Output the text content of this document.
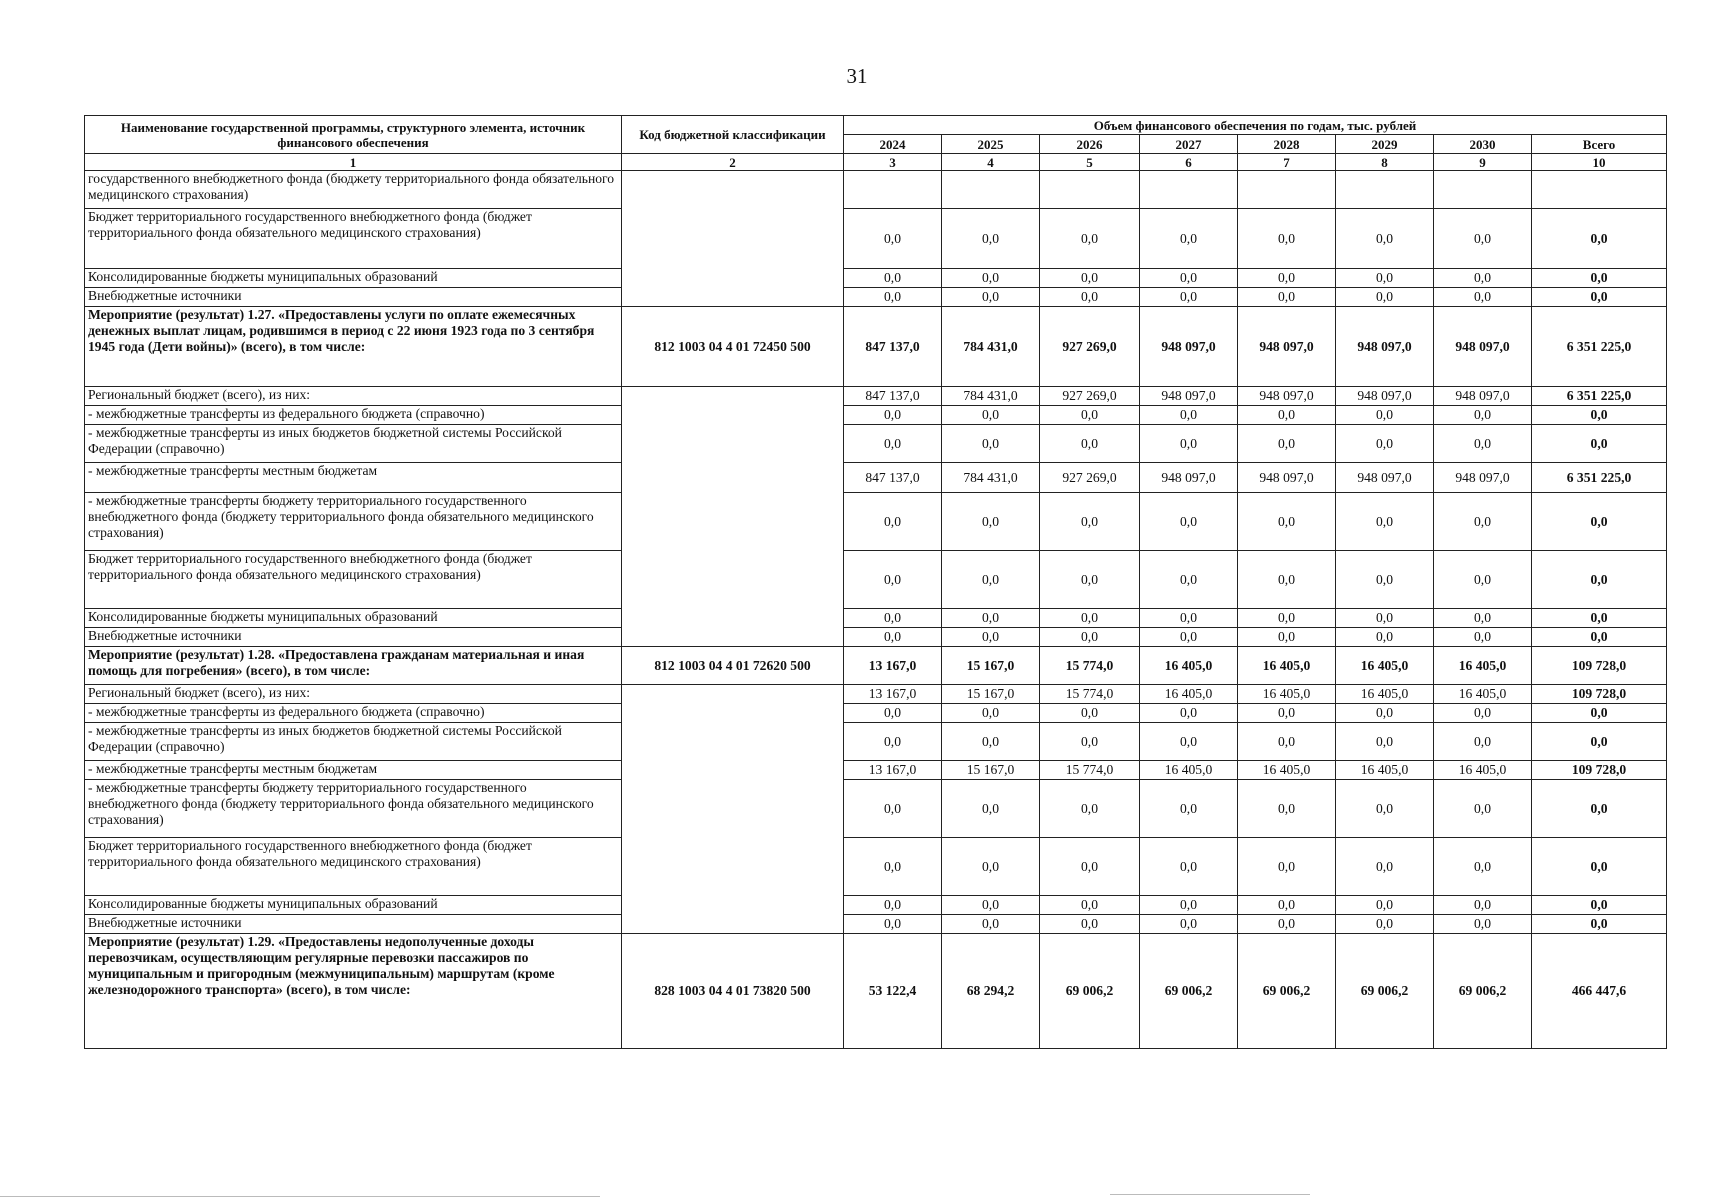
31
Наименование государственной программы, структурного элемента, источник финансового обеспечения	Код бюджетной классификации	Объем финансового обеспечения по годам, тыс. рублей							
		2024	2025	2026	2027	2028	2029	2030	Всего
1	2	3	4	5	6	7	8	9	10
государственного внебюджетного фонда (бюджету территориального фонда обязательного медицинского страхования)									
Бюджет территориального государственного внебюджетного фонда (бюджет территориального фонда обязательного медицинского страхования)		0,0	0,0	0,0	0,0	0,0	0,0	0,0	0,0
Консолидированные бюджеты муниципальных образований		0,0	0,0	0,0	0,0	0,0	0,0	0,0	0,0
Внебюджетные источники		0,0	0,0	0,0	0,0	0,0	0,0	0,0	0,0
Мероприятие (результат) 1.27. «Предоставлены услуги по оплате ежемесячных денежных выплат лицам, родившимся в период с 22 июня 1923 года по 3 сентября 1945 года (Дети войны)» (всего), в том числе:	812 1003 04 4 01 72450 500	847 137,0	784 431,0	927 269,0	948 097,0	948 097,0	948 097,0	948 097,0	6 351 225,0
Региональный бюджет (всего), из них:		847 137,0	784 431,0	927 269,0	948 097,0	948 097,0	948 097,0	948 097,0	6 351 225,0
- межбюджетные трансферты из федерального бюджета (справочно)		0,0	0,0	0,0	0,0	0,0	0,0	0,0	0,0
- межбюджетные трансферты из иных бюджетов бюджетной системы Российской Федерации (справочно)		0,0	0,0	0,0	0,0	0,0	0,0	0,0	0,0
- межбюджетные трансферты местным бюджетам		847 137,0	784 431,0	927 269,0	948 097,0	948 097,0	948 097,0	948 097,0	6 351 225,0
- межбюджетные трансферты бюджету территориального государственного внебюджетного фонда (бюджету территориального фонда обязательного медицинского страхования)		0,0	0,0	0,0	0,0	0,0	0,0	0,0	0,0
Бюджет территориального государственного внебюджетного фонда (бюджет территориального фонда обязательного медицинского страхования)		0,0	0,0	0,0	0,0	0,0	0,0	0,0	0,0
Консолидированные бюджеты муниципальных образований		0,0	0,0	0,0	0,0	0,0	0,0	0,0	0,0
Внебюджетные источники		0,0	0,0	0,0	0,0	0,0	0,0	0,0	0,0
Мероприятие (результат) 1.28. «Предоставлена гражданам материальная и иная помощь для погребения» (всего), в том числе:	812 1003 04 4 01 72620 500	13 167,0	15 167,0	15 774,0	16 405,0	16 405,0	16 405,0	16 405,0	109 728,0
Региональный бюджет (всего), из них:		13 167,0	15 167,0	15 774,0	16 405,0	16 405,0	16 405,0	16 405,0	109 728,0
- межбюджетные трансферты из федерального бюджета (справочно)		0,0	0,0	0,0	0,0	0,0	0,0	0,0	0,0
- межбюджетные трансферты из иных бюджетов бюджетной системы Российской Федерации (справочно)		0,0	0,0	0,0	0,0	0,0	0,0	0,0	0,0
- межбюджетные трансферты местным бюджетам		13 167,0	15 167,0	15 774,0	16 405,0	16 405,0	16 405,0	16 405,0	109 728,0
- межбюджетные трансферты бюджету территориального государственного внебюджетного фонда (бюджету территориального фонда обязательного медицинского страхования)		0,0	0,0	0,0	0,0	0,0	0,0	0,0	0,0
Бюджет территориального государственного внебюджетного фонда (бюджет территориального фонда обязательного медицинского страхования)		0,0	0,0	0,0	0,0	0,0	0,0	0,0	0,0
Консолидированные бюджеты муниципальных образований		0,0	0,0	0,0	0,0	0,0	0,0	0,0	0,0
Внебюджетные источники		0,0	0,0	0,0	0,0	0,0	0,0	0,0	0,0
Мероприятие (результат) 1.29. «Предоставлены недополученные доходы перевозчикам, осуществляющим регулярные перевозки пассажиров по муниципальным и пригородным (межмуниципальным) маршрутам (кроме железнодорожного транспорта» (всего), в том числе:	828 1003 04 4 01 73820 500	53 122,4	68 294,2	69 006,2	69 006,2	69 006,2	69 006,2	69 006,2	466 447,6
